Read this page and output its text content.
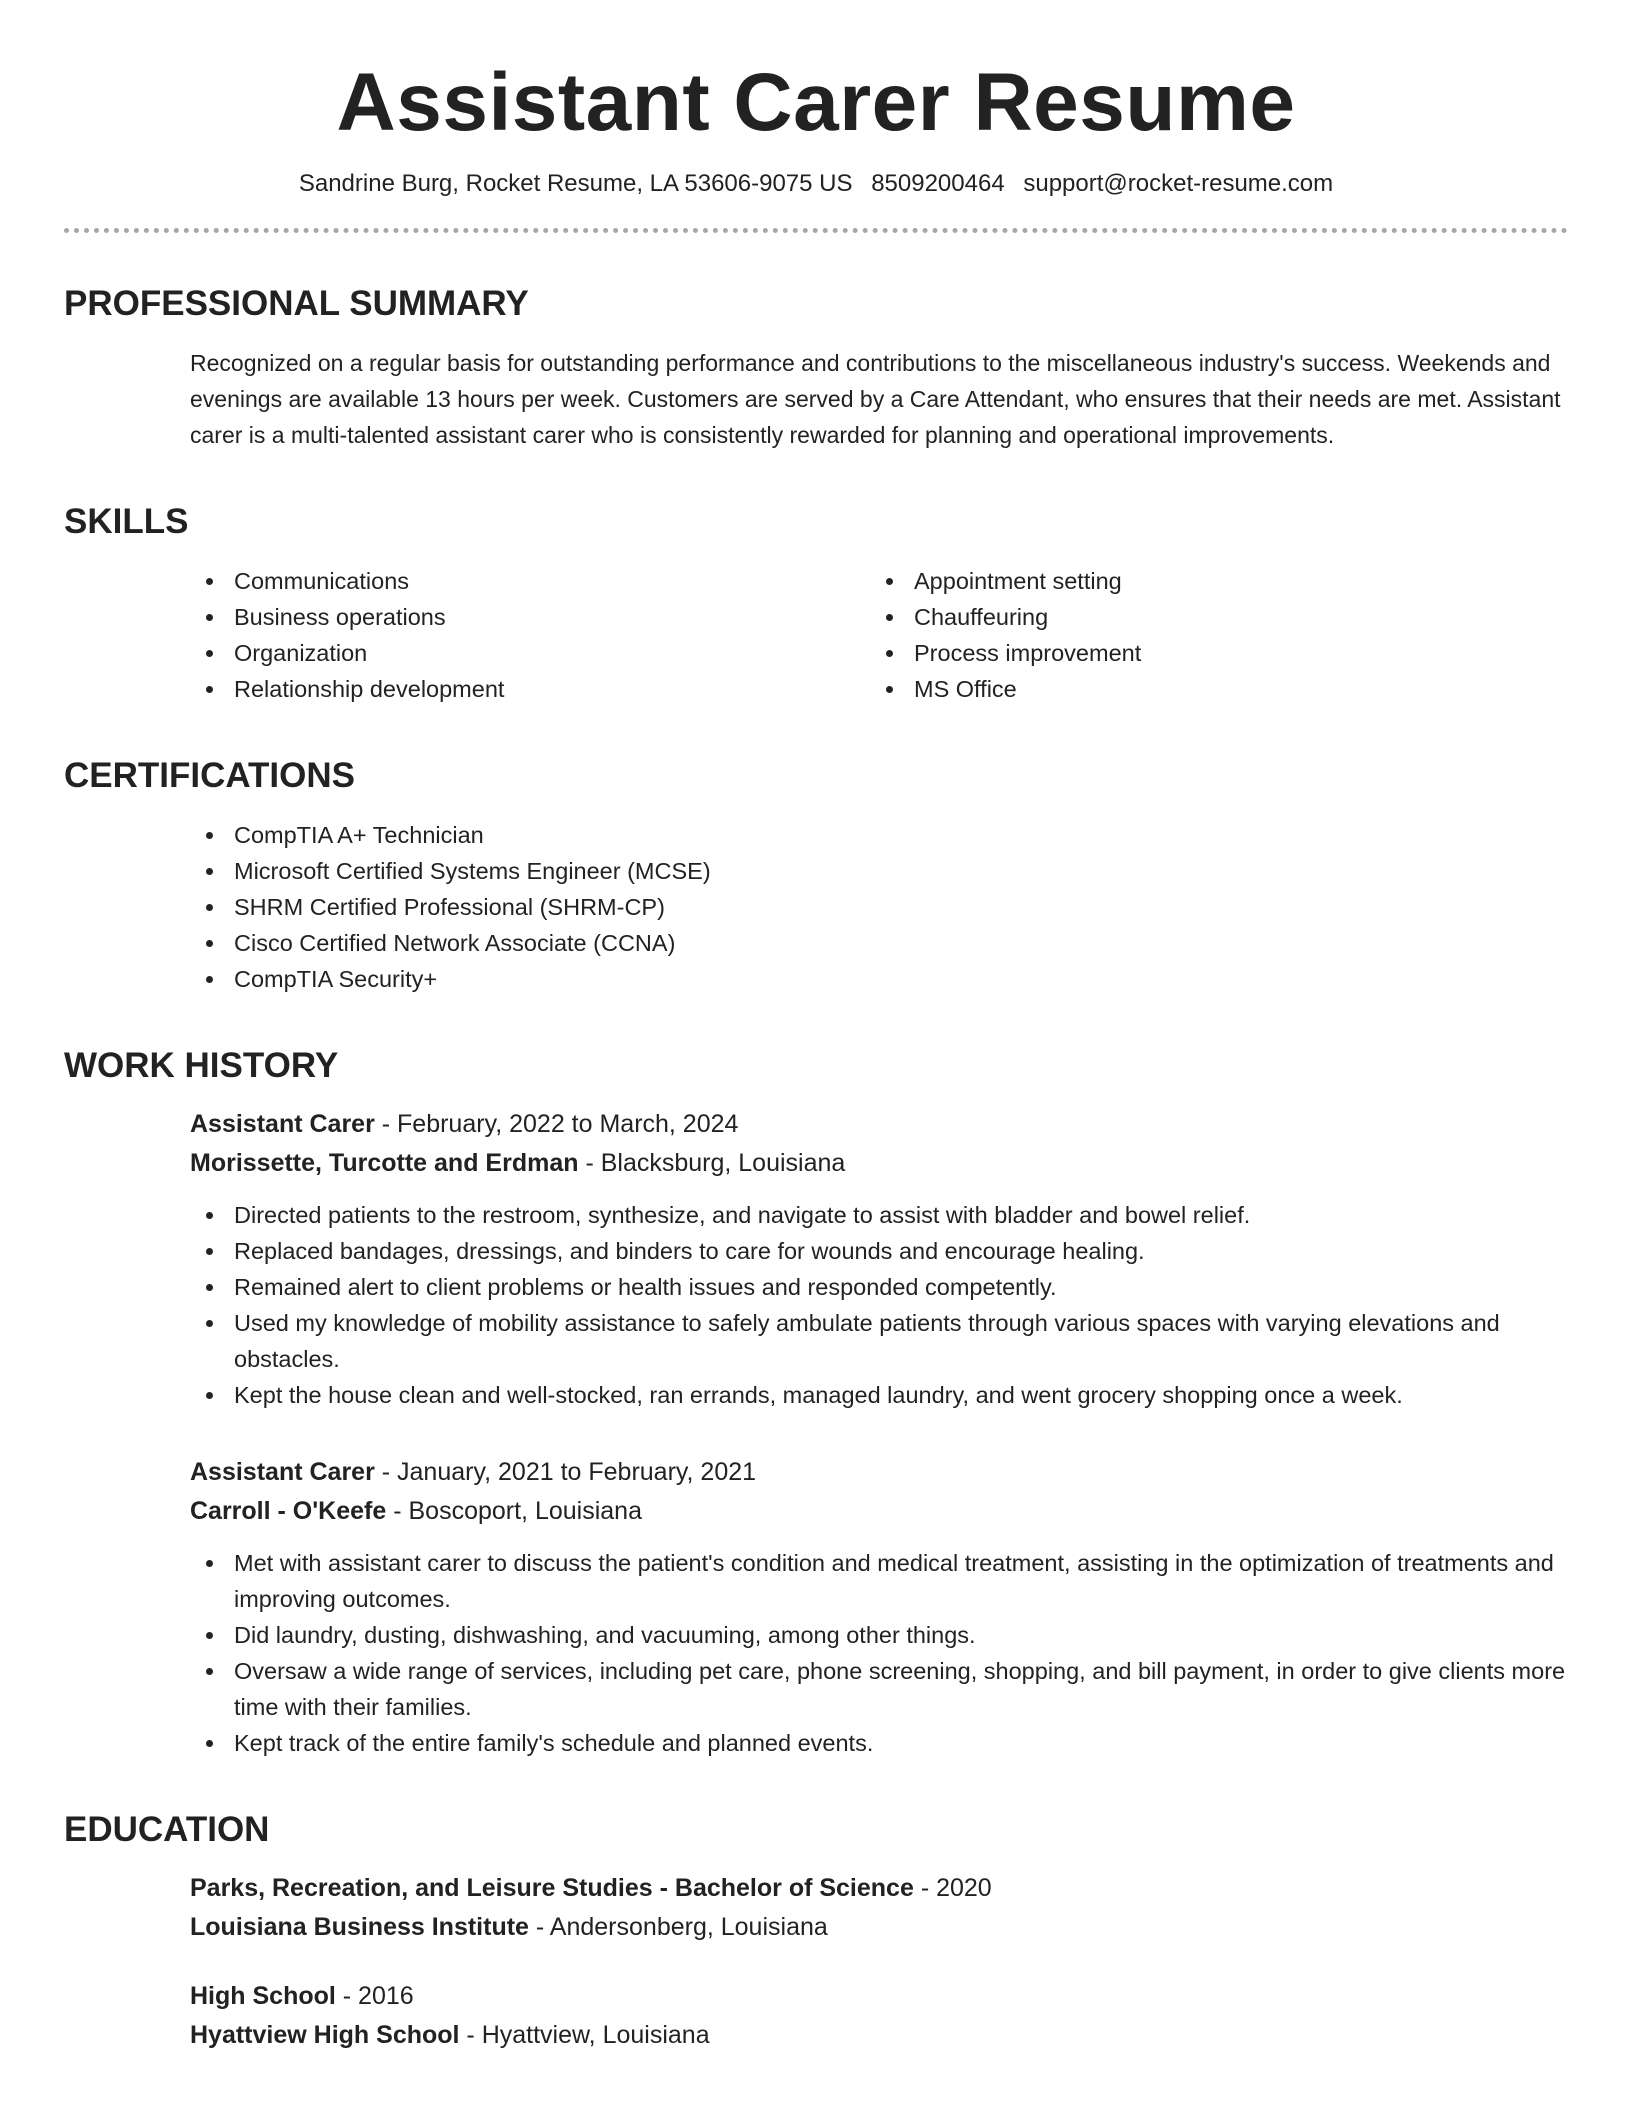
Assistant Carer Resume
Sandrine Burg, Rocket Resume, LA 53606-9075 US 8509200464 support@rocket-resume.com
PROFESSIONAL SUMMARY

Recognized on a regular basis for outstanding performance and contributions to the miscellaneous industry's success. Weekends and evenings are available 13 hours per week. Customers are served by a Care Attendant, who ensures that their needs are met. Assistant carer is a multi-talented assistant carer who is consistently rewarded for planning and operational improvements.

SKILLS
Communications
Business operations
Organization
Relationship development
Appointment setting
Chauffeuring
Process improvement
MS Office
CERTIFICATIONS
CompTIA A+ Technician
Microsoft Certified Systems Engineer (MCSE)
SHRM Certified Professional (SHRM-CP)
Cisco Certified Network Associate (CCNA)
CompTIA Security+
WORK HISTORY
Assistant Carer - February, 2022 to March, 2024
Morissette, Turcotte and Erdman - Blacksburg, Louisiana
Directed patients to the restroom, synthesize, and navigate to assist with bladder and bowel relief.
Replaced bandages, dressings, and binders to care for wounds and encourage healing.
Remained alert to client problems or health issues and responded competently.
Used my knowledge of mobility assistance to safely ambulate patients through various spaces with varying elevations and obstacles.
Kept the house clean and well-stocked, ran errands, managed laundry, and went grocery shopping once a week.
Assistant Carer - January, 2021 to February, 2021
Carroll - O'Keefe - Boscoport, Louisiana
Met with assistant carer to discuss the patient's condition and medical treatment, assisting in the optimization of treatments and improving outcomes.
Did laundry, dusting, dishwashing, and vacuuming, among other things.
Oversaw a wide range of services, including pet care, phone screening, shopping, and bill payment, in order to give clients more time with their families.
Kept track of the entire family's schedule and planned events.
EDUCATION
Parks, Recreation, and Leisure Studies - Bachelor of Science - 2020
Louisiana Business Institute - Andersonberg, Louisiana
High School - 2016
Hyattview High School - Hyattview, Louisiana
